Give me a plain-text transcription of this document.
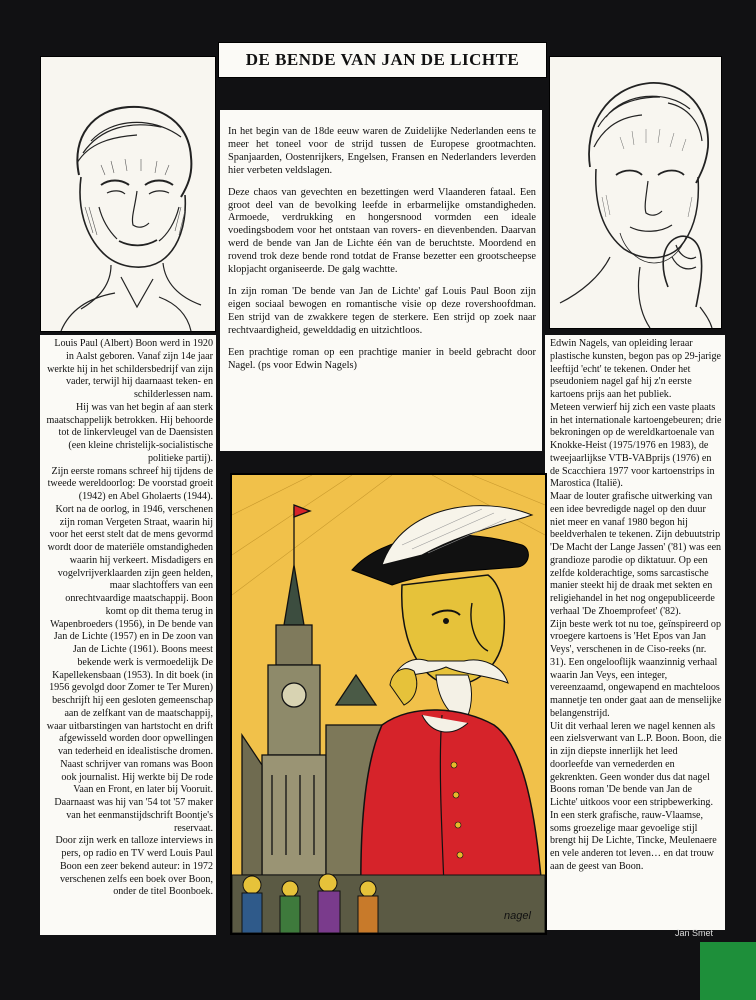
DE BENDE VAN JAN DE LICHTE

In het begin van de 18de eeuw waren de Zuidelijke Nederlanden eens te meer het toneel voor de strijd tussen de Europese grootmachten. Spanjaarden, Oostenrijkers, Engelsen, Fransen en Nederlanders leverden hier verbeten veldslagen.

Deze chaos van gevechten en bezettingen werd Vlaanderen fataal. Een groot deel van de bevolking leefde in erbarmelijke omstandigheden. Armoede, verdrukking en hongersnood vormden een ideale voedingsbodem voor het ontstaan van rovers- en dievenbenden. Daarvan werd de bende van Jan de Lichte één van de beruchtste. Moordend en rovend trok deze bende rond totdat de Franse bezetter een grootscheepse klopjacht organiseerde. De galg wachtte.

In zijn roman 'De bende van Jan de Lichte' gaf Louis Paul Boon zijn eigen sociaal bewogen en romantische visie op deze rovershoofdman. Een strijd van de zwakkere tegen de sterkere. Een strijd op zoek naar rechtvaardigheid, gewelddadig en uitzichtloos.

Een prachtige roman op een prachtige manier in beeld gebracht door Nagel. (ps voor Edwin Nagels)

Louis Paul (Albert) Boon werd in 1920 in Aalst geboren. Vanaf zijn 14e jaar werkte hij in het schildersbedrijf van zijn vader, terwijl hij daarnaast teken- en schilderlessen nam.

Hij was van het begin af aan sterk maatschappelijk betrokken. Hij behoorde tot de linkervleugel van de Daensisten (een kleine christelijk-socialistische politieke partij).

Zijn eerste romans schreef hij tijdens de tweede wereldoorlog: De voorstad groeit (1942) en Abel Gholaerts (1944).

Kort na de oorlog, in 1946, verschenen zijn roman Vergeten Straat, waarin hij voor het eerst stelt dat de mens gevormd wordt door de materiële omstandigheden waarin hij verkeert. Misdadigers en vogelvrijverklaarden zijn geen helden, maar slachtoffers van een onrechtvaardige maatschappij. Boon komt op dit thema terug in Wapenbroeders (1956), in De bende van Jan de Lichte (1957) en in De zoon van Jan de Lichte (1961). Boons meest bekende werk is vermoedelijk De Kapellekensbaan (1953). In dit boek (in 1956 gevolgd door Zomer te Ter Muren) beschrijft hij een gesloten gemeenschap aan de zelfkant van de maatschappij, waar uitbarstingen van hartstocht en drift afgewisseld worden door opwellingen van tederheid en idealistische dromen.

Naast schrijver van romans was Boon ook journalist. Hij werkte bij De rode Vaan en Front, en later bij Vooruit. Daarnaast was hij van '54 tot '57 maker van het eenmanstijdschrift Boontje's reservaat.

Door zijn werk en talloze interviews in pers, op radio en TV werd Louis Paul Boon een zeer bekend auteur: in 1972 verschenen zelfs een boek over Boon, onder de titel Boonboek.

Edwin Nagels, van opleiding leraar plastische kunsten, begon pas op 29-jarige leeftijd 'echt' te tekenen. Onder het pseudoniem nagel gaf hij z'n eerste kartoens prijs aan het publiek.

Meteen verwierf hij zich een vaste plaats in het internationale kartoengebeuren; drie bekroningen op de wereldkartoenale van Knokke-Heist (1975/1976 en 1983), de tweejaarlijkse VTB-VABprijs (1976) en de Scacchiera 1977 voor kartoenstrips in Marostica (Italië).

Maar de louter grafische uitwerking van een idee bevredigde nagel op den duur niet meer en vanaf 1980 begon hij beeldverhalen te tekenen. Zijn debuutstrip 'De Macht der Lange Jassen' ('81) was een grandioze parodie op diktatuur. Op een zelfde kolderachtige, soms sarcastische manier steekt hij de draak met sekten en religiehandel in het nog ongepubliceerde verhaal 'De Zhoemprofeet' ('82).

Zijn beste werk tot nu toe, geïnspireerd op vroegere kartoens is 'Het Epos van Jan Veys', verschenen in de Ciso-reeks (nr. 31). Een ongelooflijk waanzinnig verhaal waarin Jan Veys, een integer, vereenzaamd, ongewapend en machteloos mannetje ten onder gaat aan de menselijke belangenstrijd.

Uit dit verhaal leren we nagel kennen als een zielsverwant van L.P. Boon. Boon, die in zijn diepste innerlijk het leed doorleefde van vernederden en gekrenkten. Geen wonder dus dat nagel Boons roman 'De bende van Jan de Lichte' uitkoos voor een stripbewerking.

In een sterk grafische, rauw-Vlaamse, soms groezelige maar gevoelige stijl brengt hij De Lichte, Tincke, Meulenaere en vele anderen tot leven… en dat trouw aan de geest van Boon.

nagel
Jan Smet
